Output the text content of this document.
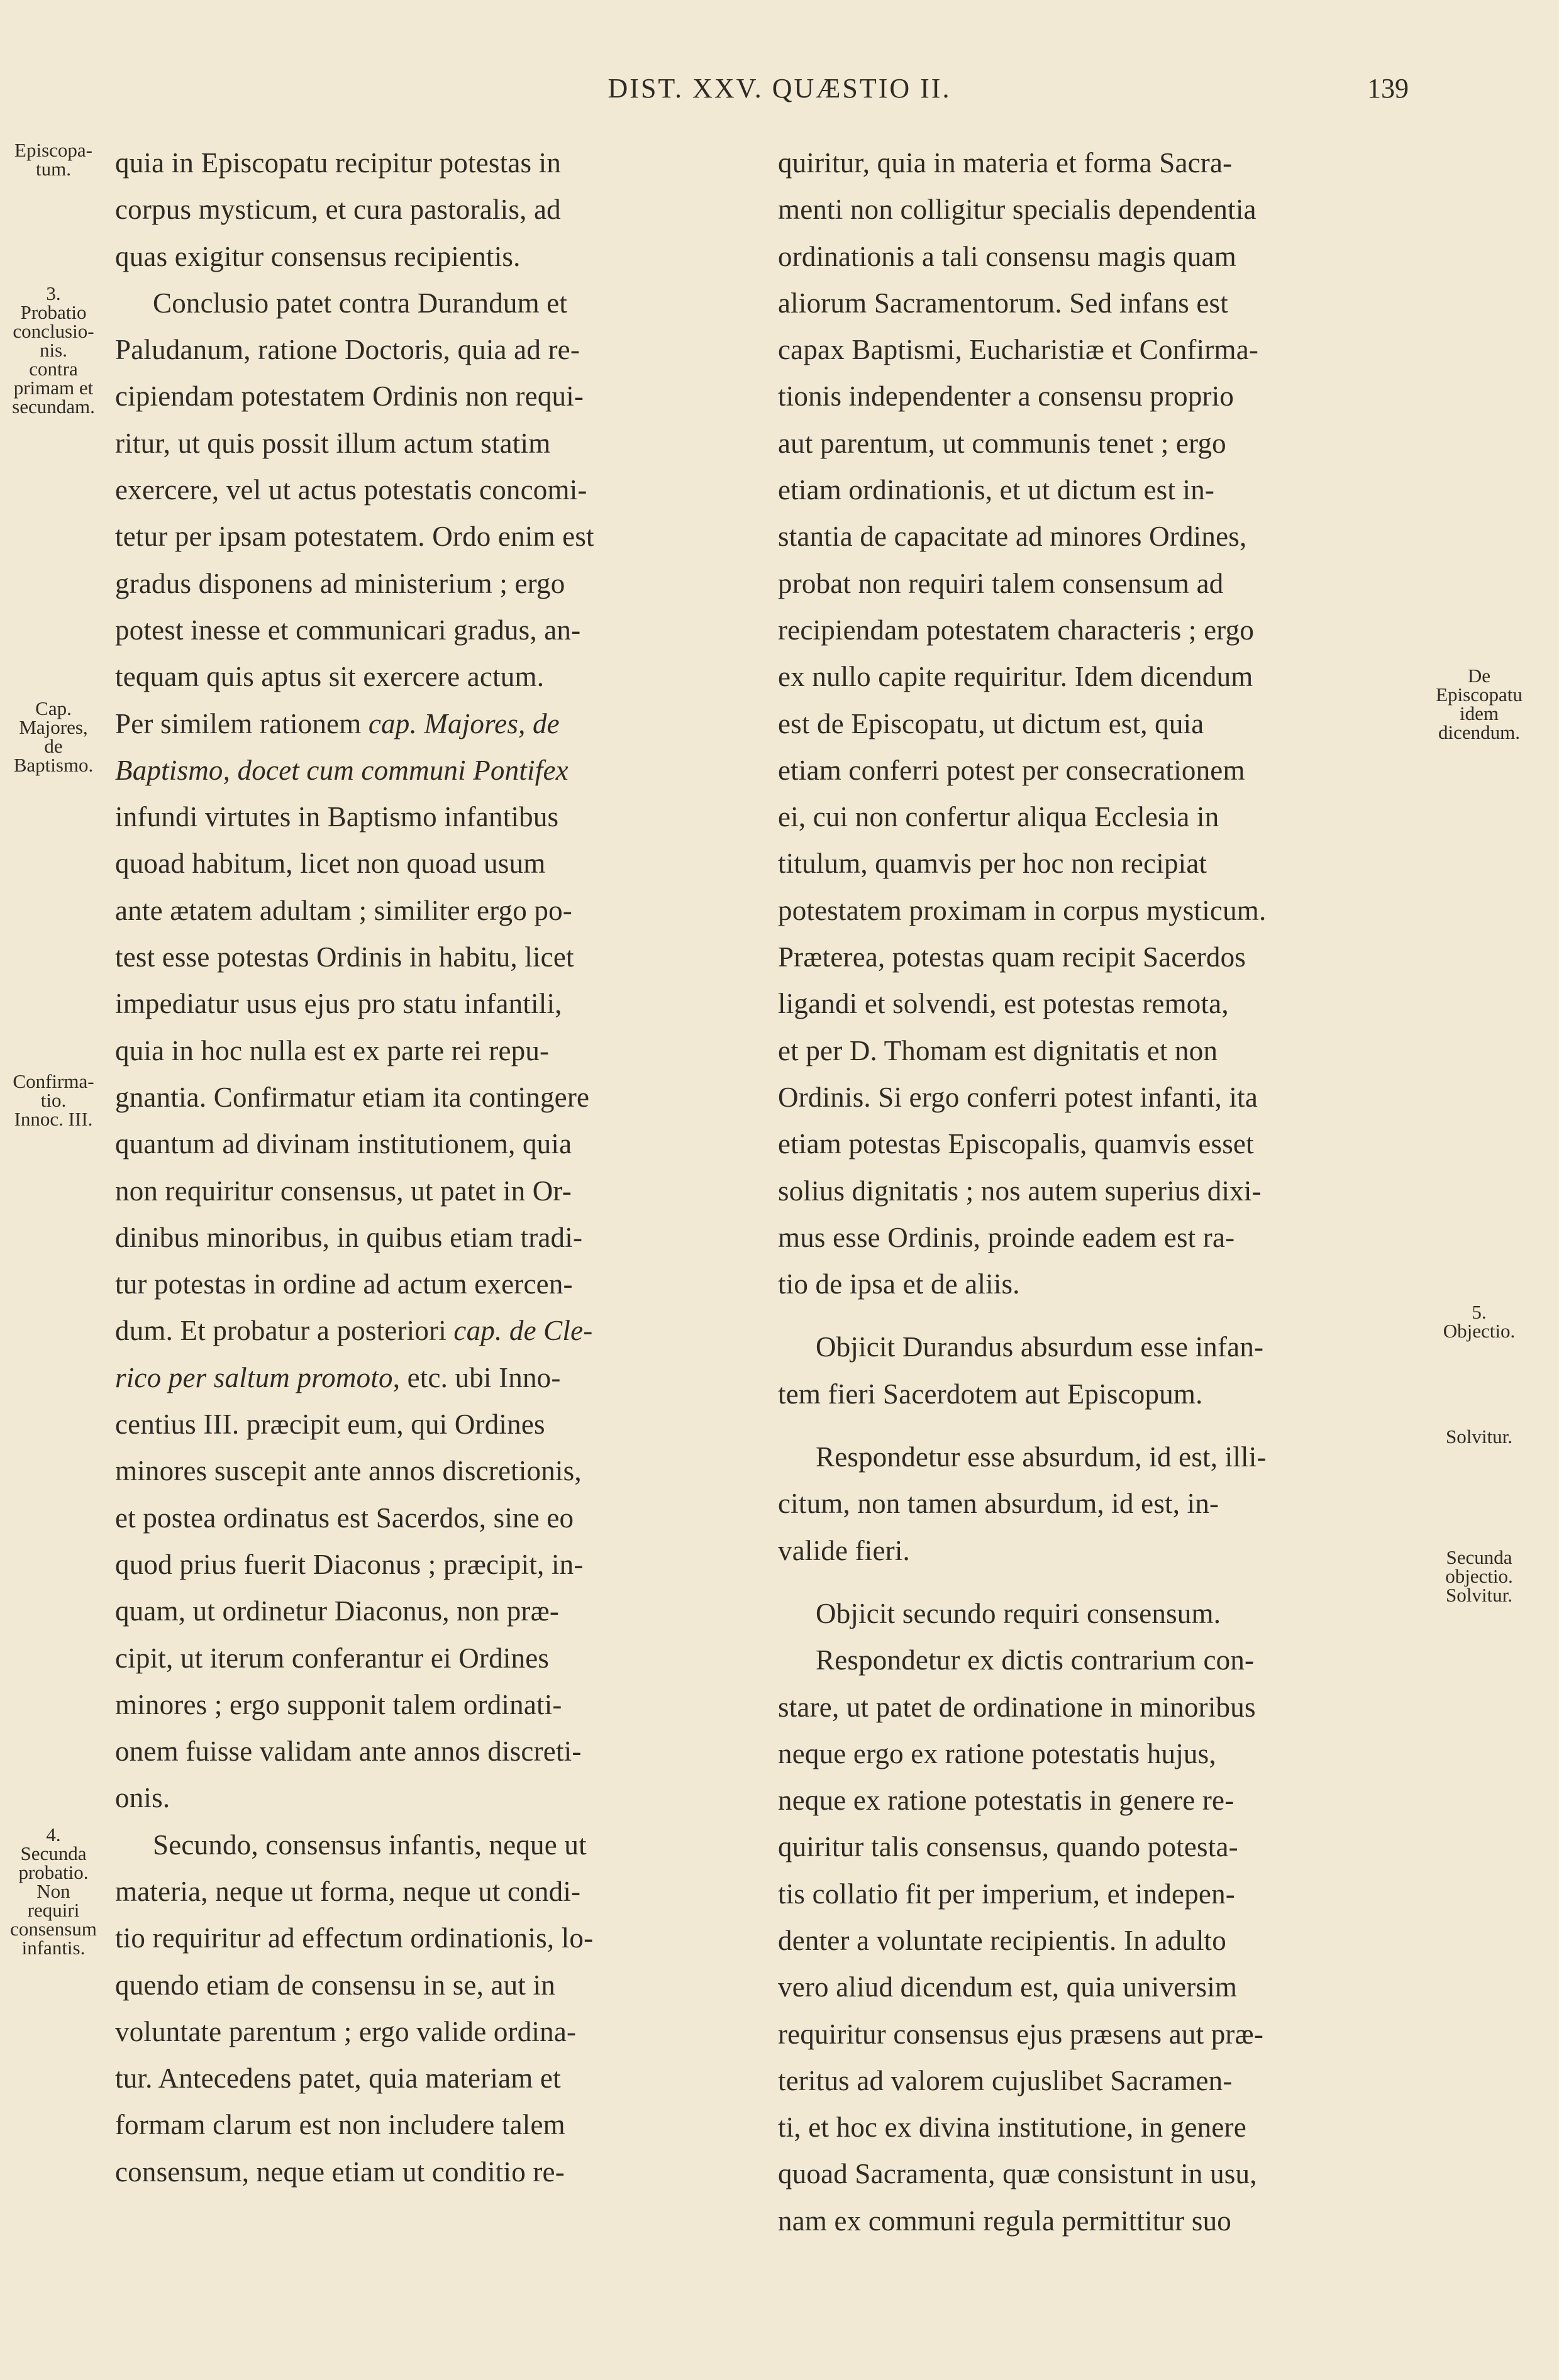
DIST. XXV. QUÆSTIO II.	139
quia in Episcopatu recipitur potestas in
corpus mysticum, et cura pastoralis, ad
quas exigitur consensus recipientis.
Conclusio patet contra Durandum et
Paludanum, ratione Doctoris, quia ad re-
cipiendam potestatem Ordinis non requi-
ritur, ut quis possit illum actum statim
exercere, vel ut actus potestatis concomi-
tetur per ipsam potestatem. Ordo enim est
gradus disponens ad ministerium ; ergo
potest inesse et communicari gradus, an-
tequam quis aptus sit exercere actum.
Per similem rationem cap. Majores, de
Baptismo, docet cum communi Pontifex
infundi virtutes in Baptismo infantibus
quoad habitum, licet non quoad usum
ante ætatem adultam ; similiter ergo po-
test esse potestas Ordinis in habitu, licet
impediatur usus ejus pro statu infantili,
quia in hoc nulla est ex parte rei repu-
gnantia. Confirmatur etiam ita contingere
quantum ad divinam institutionem, quia
non requiritur consensus, ut patet in Or-
dinibus minoribus, in quibus etiam tradi-
tur potestas in ordine ad actum exercen-
dum. Et probatur a posteriori cap. de Cle-
rico per saltum promoto, etc. ubi Inno-
centius III. præcipit eum, qui Ordines
minores suscepit ante annos discretionis,
et postea ordinatus est Sacerdos, sine eo
quod prius fuerit Diaconus ; præcipit, in-
quam, ut ordinetur Diaconus, non præ-
cipit, ut iterum conferantur ei Ordines
minores ; ergo supponit talem ordinati-
onem fuisse validam ante annos discreti-
onis.
Secundo, consensus infantis, neque ut
materia, neque ut forma, neque ut condi-
tio requiritur ad effectum ordinationis, lo-
quendo etiam de consensu in se, aut in
voluntate parentum ; ergo valide ordina-
tur. Antecedens patet, quia materiam et
formam clarum est non includere talem
consensum, neque etiam ut conditio re-
quiritur, quia in materia et forma Sacra-
menti non colligitur specialis dependentia
ordinationis a tali consensu magis quam
aliorum Sacramentorum. Sed infans est
capax Baptismi, Eucharistiæ et Confirma-
tionis independenter a consensu proprio
aut parentum, ut communis tenet ; ergo
etiam ordinationis, et ut dictum est in-
stantia de capacitate ad minores Ordines,
probat non requiri talem consensum ad
recipiendam potestatem characteris ; ergo
ex nullo capite requiritur. Idem dicendum
est de Episcopatu, ut dictum est, quia
etiam conferri potest per consecrationem
ei, cui non confertur aliqua Ecclesia in
titulum, quamvis per hoc non recipiat
potestatem proximam in corpus mysticum.
Præterea, potestas quam recipit Sacerdos
ligandi et solvendi, est potestas remota,
et per D. Thomam est dignitatis et non
Ordinis. Si ergo conferri potest infanti, ita
etiam potestas Episcopalis, quamvis esset
solius dignitatis ; nos autem superius dixi-
mus esse Ordinis, proinde eadem est ra-
tio de ipsa et de aliis.
Objicit Durandus absurdum esse infan-
tem fieri Sacerdotem aut Episcopum.
Respondetur esse absurdum, id est, illi-
citum, non tamen absurdum, id est, in-
valide fieri.
Objicit secundo requiri consensum.
Respondetur ex dictis contrarium con-
stare, ut patet de ordinatione in minoribus
neque ergo ex ratione potestatis hujus,
neque ex ratione potestatis in genere re-
quiritur talis consensus, quando potesta-
tis collatio fit per imperium, et indepen-
denter a voluntate recipientis. In adulto
vero aliud dicendum est, quia universim
requiritur consensus ejus præsens aut præ-
teritus ad valorem cujuslibet Sacramen-
ti, et hoc ex divina institutione, in genere
quoad Sacramenta, quæ consistunt in usu,
nam ex communi regula permittitur suo
Episcopa-
tum.
3.
Probatio
conclusio-
nis.
contra
primam et
secundam.
Cap.
Majores,
de
Baptismo.
Confirma-
tio.
Innoc. III.
4.
Secunda
probatio.
Non
requiri
consensum
infantis.
De
Episcopatu
idem
dicendum.
5.
Objectio.
Solvitur.
Secunda
objectio.
Solvitur.
